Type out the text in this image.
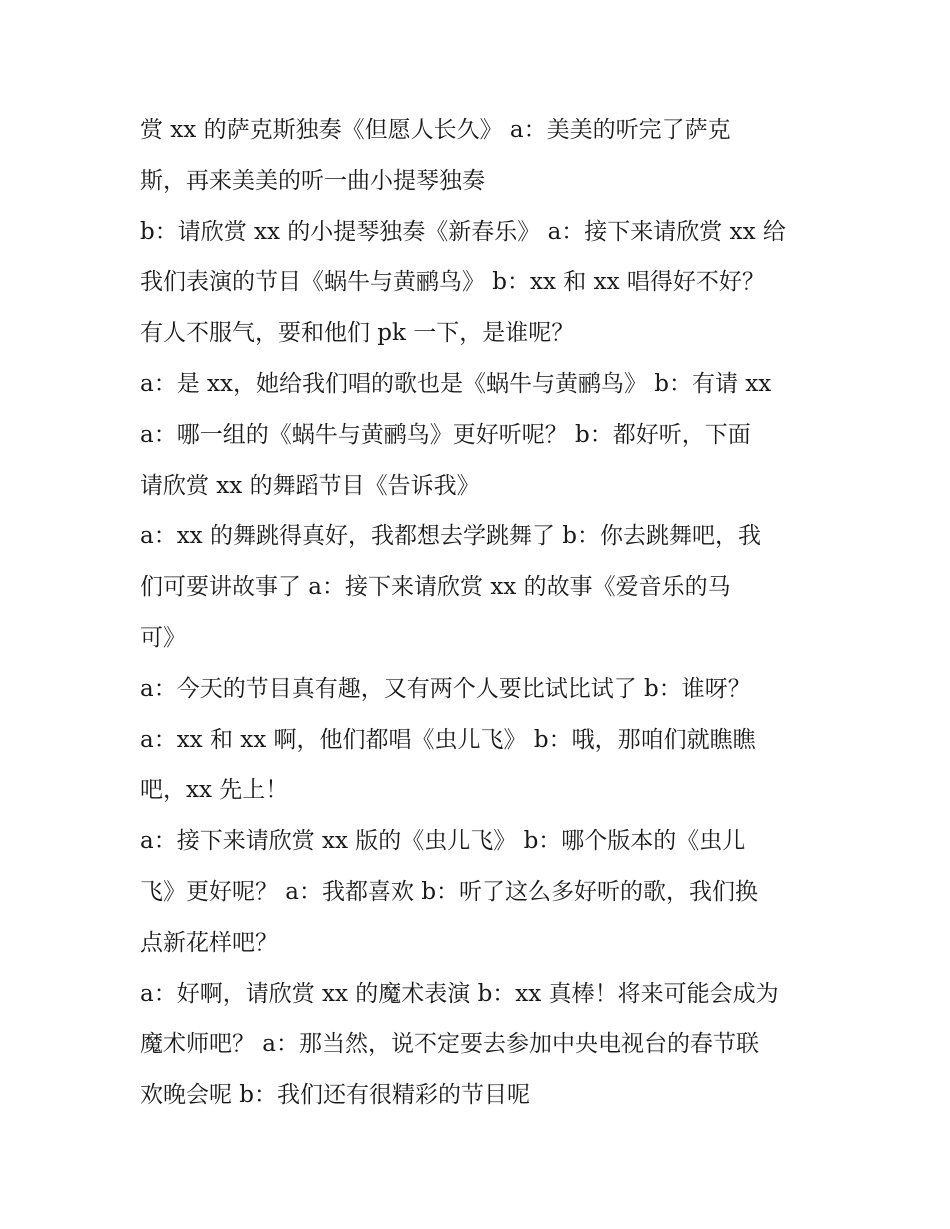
赏 xx 的萨克斯独奏《但愿人长久》 a：美美的听完了萨克
斯，再来美美的听一曲小提琴独奏
b：请欣赏 xx 的小提琴独奏《新春乐》 a：接下来请欣赏 xx 给
我们表演的节目《蜗牛与黄鹂鸟》 b：xx 和 xx 唱得好不好？
有人不服气，要和他们 pk 一下，是谁呢？
a：是 xx，她给我们唱的歌也是《蜗牛与黄鹂鸟》 b：有请 xx
a：哪一组的《蜗牛与黄鹂鸟》更好听呢？ b：都好听，下面
请欣赏 xx 的舞蹈节目《告诉我》
a：xx 的舞跳得真好，我都想去学跳舞了 b：你去跳舞吧，我
们可要讲故事了 a：接下来请欣赏 xx 的故事《爱音乐的马
可》
a：今天的节目真有趣，又有两个人要比试比试了 b：谁呀？
a：xx 和 xx 啊，他们都唱《虫儿飞》 b：哦，那咱们就瞧瞧
吧，xx 先上！
a：接下来请欣赏 xx 版的《虫儿飞》 b：哪个版本的《虫儿
飞》更好呢？ a：我都喜欢 b：听了这么多好听的歌，我们换
点新花样吧？
a：好啊，请欣赏 xx 的魔术表演 b：xx 真棒！将来可能会成为
魔术师吧？ a：那当然，说不定要去参加中央电视台的春节联
欢晚会呢 b：我们还有很精彩的节目呢
